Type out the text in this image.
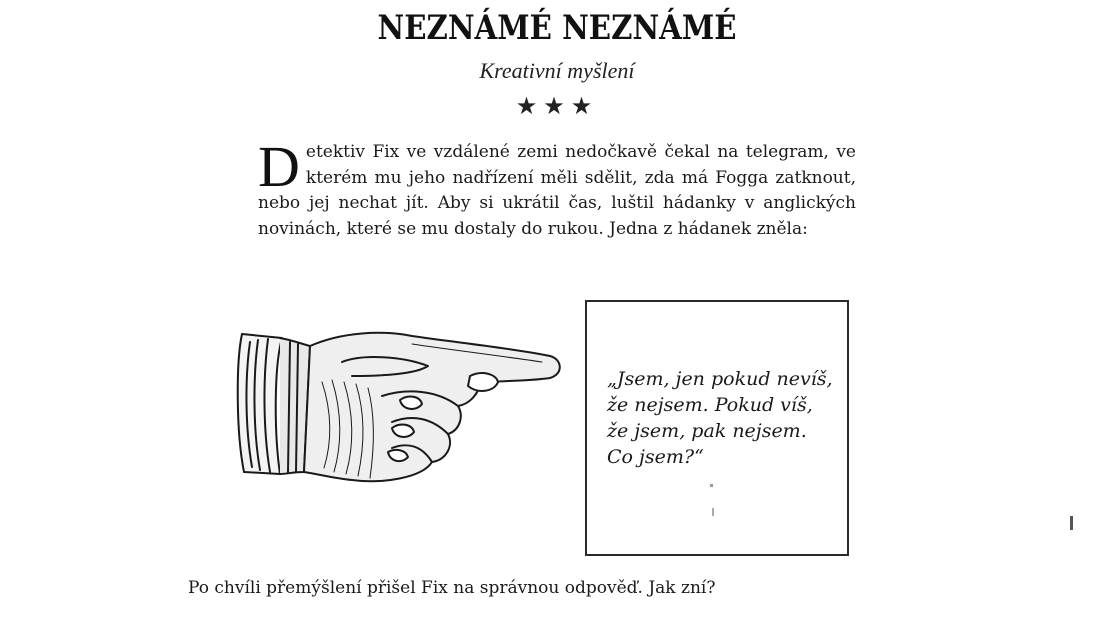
NEZNÁMÉ NEZNÁMÉ
Kreativní myšlení
★★★
Detektiv Fix ve vzdálené zemi nedočkavě čekal na telegram, ve kterém mu jeho nadřízení měli sdělit, zda má Fogga zatknout, nebo jej nechat jít. Aby si ukrátil čas, luštil hádanky v anglických novinách, které se mu dostaly do rukou. Jedna z hádanek zněla:
„Jsem, jen pokud nevíš,
že nejsem. Pokud víš,
že jsem, pak nejsem.
Co jsem?“
Po chvíli přemýšlení přišel Fix na správnou odpověď. Jak zní?
